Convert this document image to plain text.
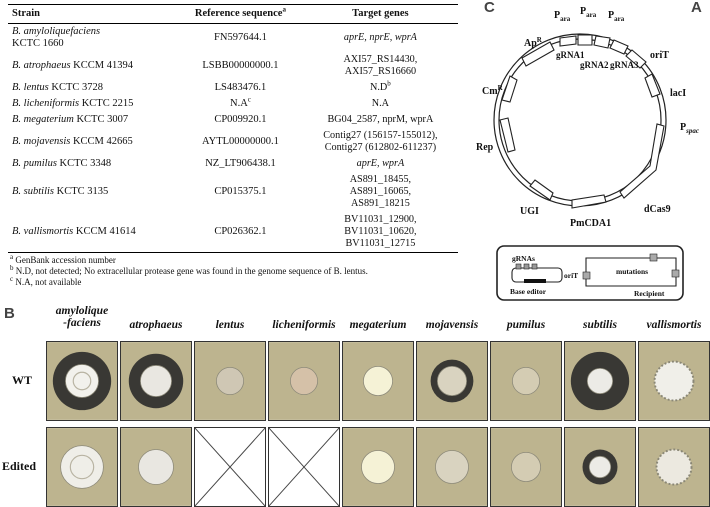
C	A
B
Strain	Reference sequence$^a$	Target genes
B. amyloliquefaciens
KCTC 1660	FN597644.1	aprE, nprE, wprA
B. atrophaeus KCCM 41394	LSBB00000000.1	AXI57_RS14430,
AXI57_RS16660
B. lentus KCTC 3728	LS483476.1	$N.D^b$
B. licheniformis KCTC 2215	$N.A^c$	N.A
B. megaterium KCTC 3007	CP009920.1	BG04_2587, nprM, wprA
B. mojavensis KCCM 42665	AYTL00000000.1	Contig27 (156157-155012),
Contig27 (612802-611237)
B. pumilus KCTC 3348	NZ_LT906438.1	aprE, wprA
B. subtilis KCTC 3135	CP015375.1	AS891_18455,
AS891_16065,
AS891_18215
B. vallismortis KCCM 41614	CP026362.1	BV11031_12900,
BV11031_10620,
BV11031_12715
$^a$ GenBank accession number
$^b$ N.D, not detected; No extracellular protease gene was found in the genome sequence of B. lentus.
$^c$ N.A, not available
$Ap^R$
$P_{ara}$
$P_{ara}$ $P_{ara}$
gRNA1
gRNA2 gRNA3
oriT
lacI
$P_{spac}$
dCas9
PmCDA1
UGI
Rep
$Cm^R$
gRNAs
oriT
Base editor
mutations
Recipient
amylolique
-faciens	atrophaeus	lentus	licheniformis	megaterium	mojavensis	pumilus	subtilis	vallismortis
WT
Edited
